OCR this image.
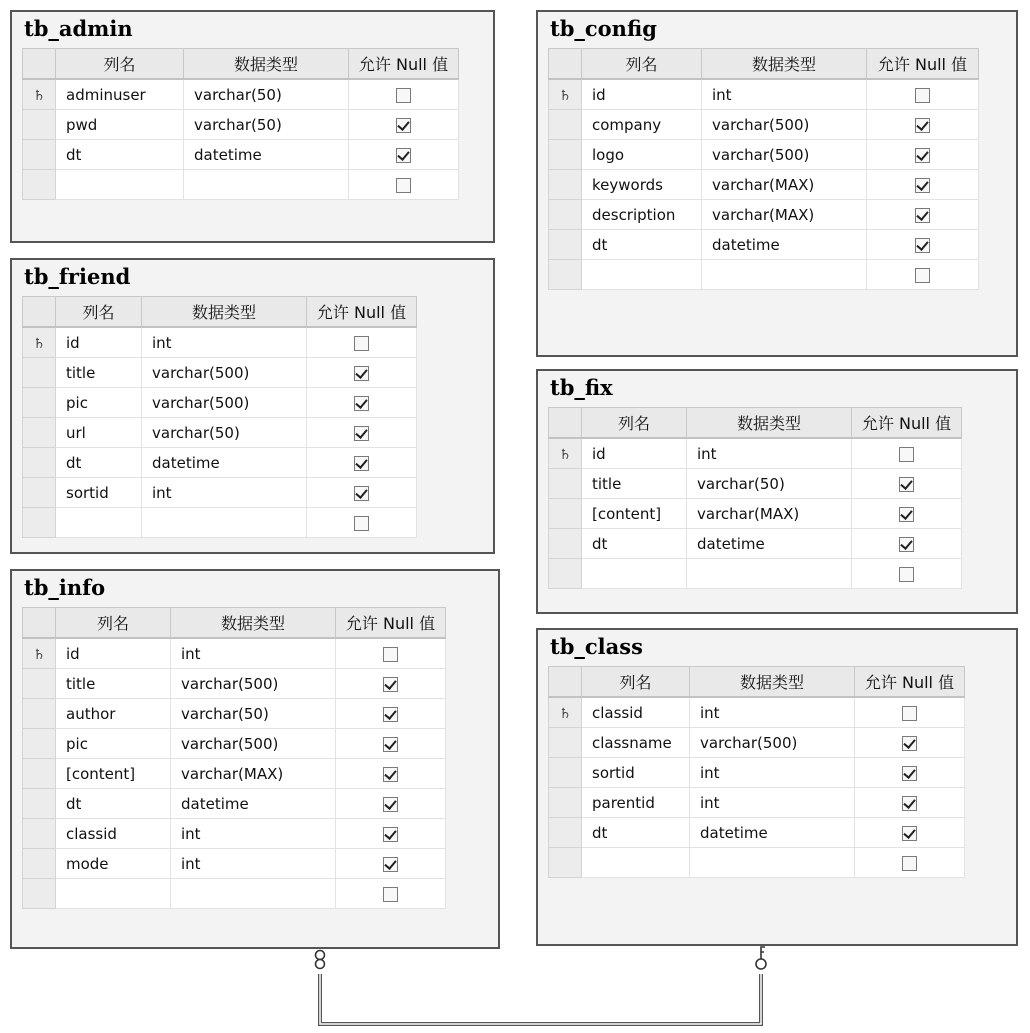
tb_admin
	列名	数据类型	允许 Null 值
♄	adminuser	varchar(50)	
	pwd	varchar(50)	
	dt	datetime	

tb_friend
	列名	数据类型	允许 Null 值
♄	id	int	
	title	varchar(500)	
	pic	varchar(500)	
	url	varchar(50)	
	dt	datetime	
	sortid	int	

tb_info
	列名	数据类型	允许 Null 值
♄	id	int	
	title	varchar(500)	
	author	varchar(50)	
	pic	varchar(500)	
	[content]	varchar(MAX)	
	dt	datetime	
	classid	int	
	mode	int	

tb_config
	列名	数据类型	允许 Null 值
♄	id	int	
	company	varchar(500)	
	logo	varchar(500)	
	keywords	varchar(MAX)	
	description	varchar(MAX)	
	dt	datetime	

tb_fix
	列名	数据类型	允许 Null 值
♄	id	int	
	title	varchar(50)	
	[content]	varchar(MAX)	
	dt	datetime	

tb_class
	列名	数据类型	允许 Null 值
♄	classid	int	
	classname	varchar(500)	
	sortid	int	
	parentid	int	
	dt	datetime	
